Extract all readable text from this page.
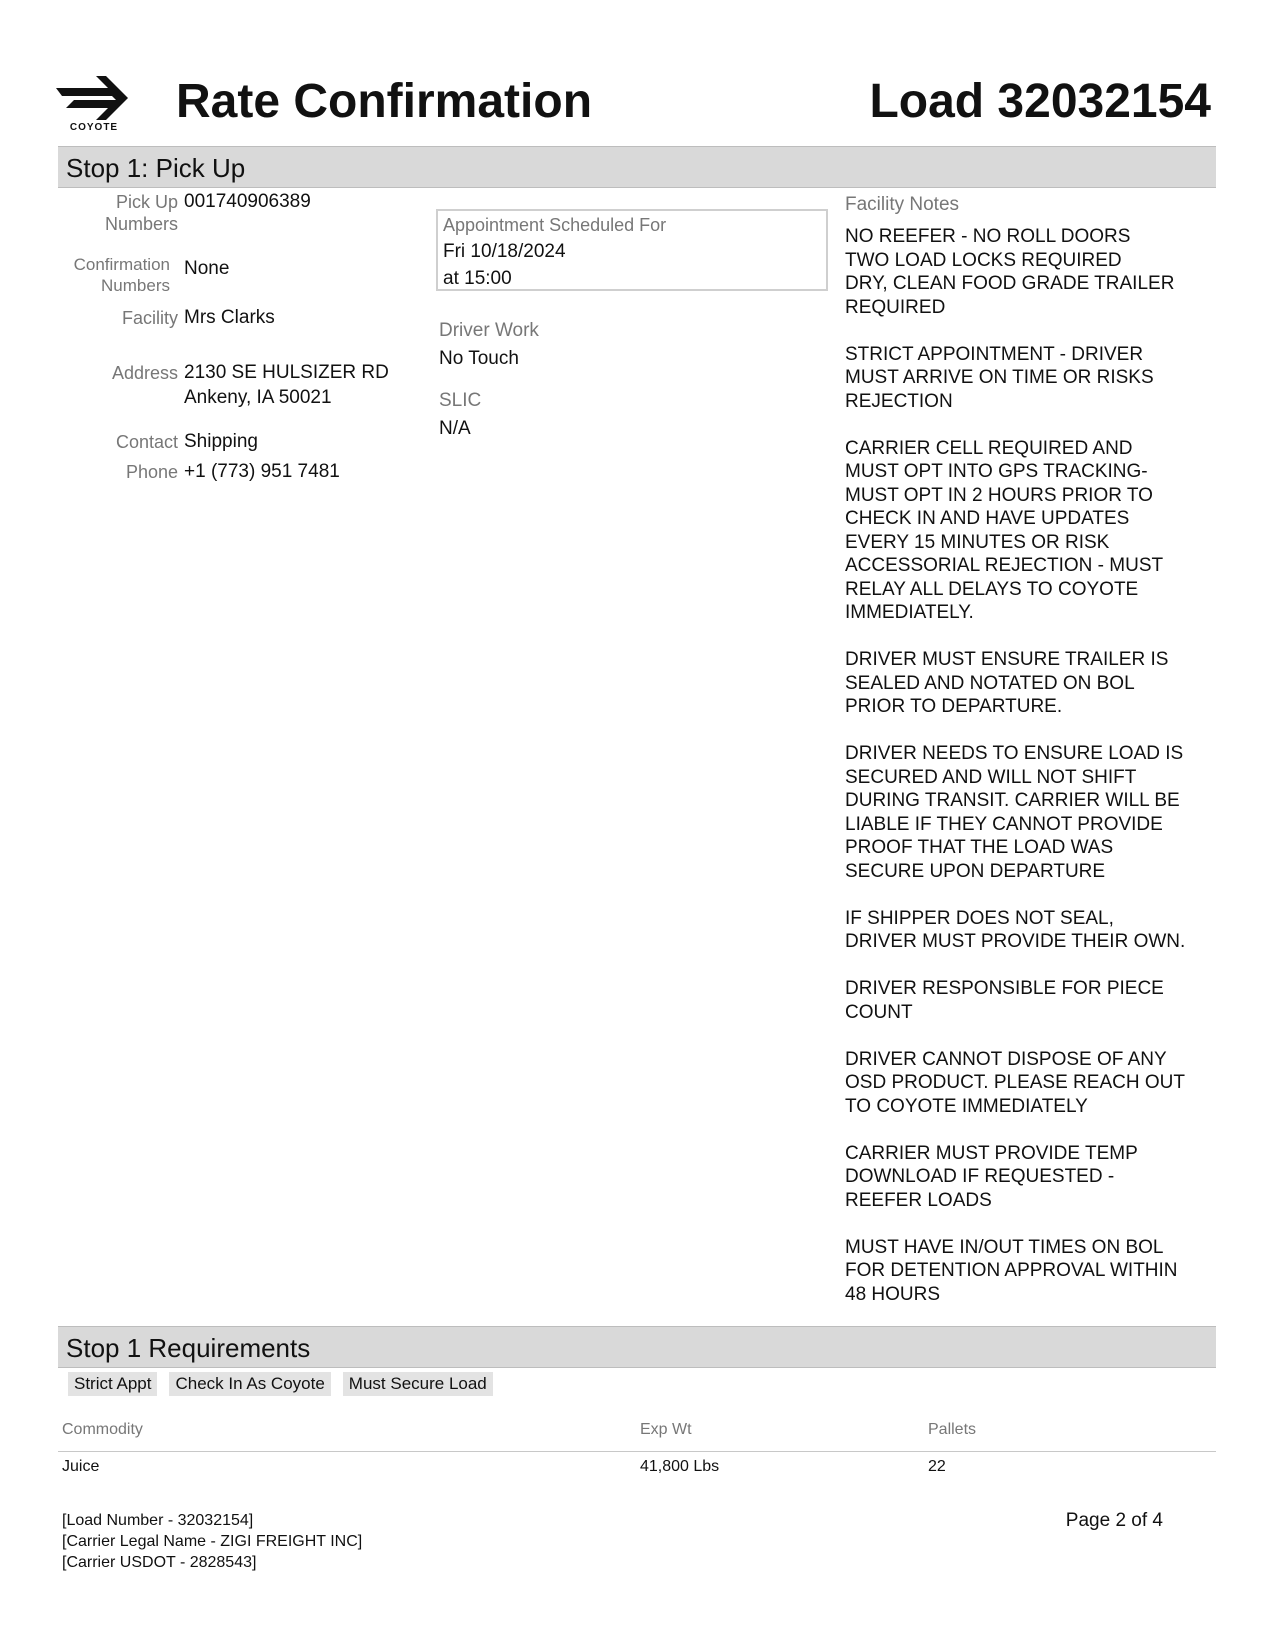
COYOTE Rate Confirmation	Load 32032154
Stop 1: Pick Up
Pick Up
Numbers
001740906389
Confirmation
Numbers
None
Facility Mrs Clarks
Address 2130 SE HULSIZER RD
Ankeny, IA 50021
Contact Shipping
Phone +1 (773) 951 7481
Appointment Scheduled For
Fri 10/18/2024
at 15:00
Driver Work
No Touch
SLIC
N/A
Facility Notes
NO REEFER - NO ROLL DOORS
TWO LOAD LOCKS REQUIRED
DRY, CLEAN FOOD GRADE TRAILER
REQUIRED
STRICT APPOINTMENT - DRIVER
MUST ARRIVE ON TIME OR RISKS
REJECTION
CARRIER CELL REQUIRED AND
MUST OPT INTO GPS TRACKING-
MUST OPT IN 2 HOURS PRIOR TO
CHECK IN AND HAVE UPDATES
EVERY 15 MINUTES OR RISK
ACCESSORIAL REJECTION - MUST
RELAY ALL DELAYS TO COYOTE
IMMEDIATELY.
DRIVER MUST ENSURE TRAILER IS
SEALED AND NOTATED ON BOL
PRIOR TO DEPARTURE.
DRIVER NEEDS TO ENSURE LOAD IS
SECURED AND WILL NOT SHIFT
DURING TRANSIT. CARRIER WILL BE
LIABLE IF THEY CANNOT PROVIDE
PROOF THAT THE LOAD WAS
SECURE UPON DEPARTURE
IF SHIPPER DOES NOT SEAL,
DRIVER MUST PROVIDE THEIR OWN.
DRIVER RESPONSIBLE FOR PIECE
COUNT
DRIVER CANNOT DISPOSE OF ANY
OSD PRODUCT. PLEASE REACH OUT
TO COYOTE IMMEDIATELY
CARRIER MUST PROVIDE TEMP
DOWNLOAD IF REQUESTED -
REEFER LOADS
MUST HAVE IN/OUT TIMES ON BOL
FOR DETENTION APPROVAL WITHIN
48 HOURS
Stop 1 Requirements
Strict Appt Check In As Coyote Must Secure Load
Commodity	Exp Wt	Pallets
Juice	41,800 Lbs	22
[Load Number - 32032154]
[Carrier Legal Name - ZIGI FREIGHT INC]
[Carrier USDOT - 2828543]
Page 2 of 4
